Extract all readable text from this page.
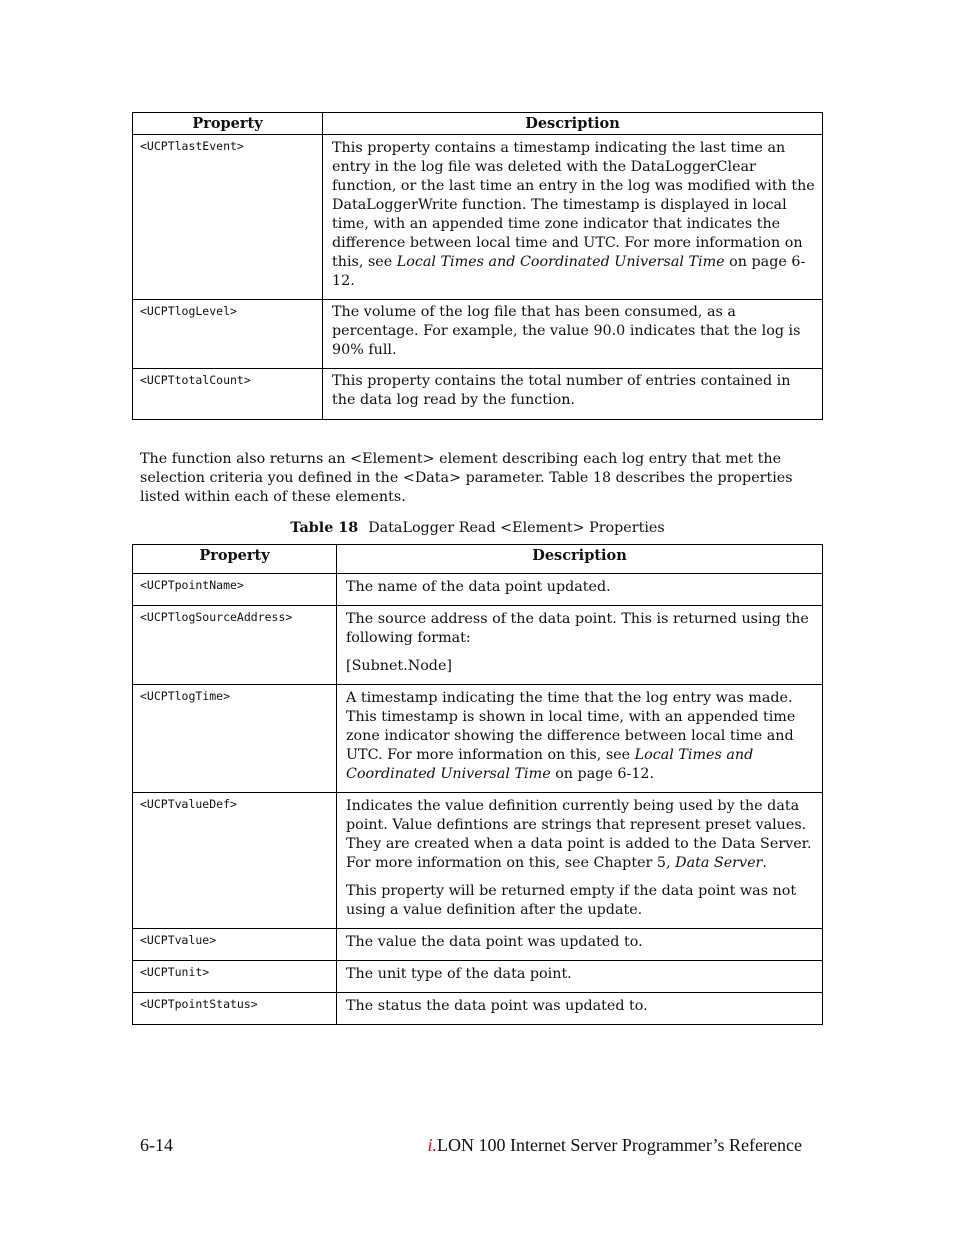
Property	Description
<UCPTlastEvent>	This property contains a timestamp indicating the last time an entry in the log file was deleted with the DataLoggerClear function, or the last time an entry in the log was modified with the DataLoggerWrite function. The timestamp is displayed in local time, with an appended time zone indicator that indicates the difference between local time and UTC. For more information on this, see Local Times and Coordinated Universal Time on page 6-12.
<UCPTlogLevel>	The volume of the log file that has been consumed, as a percentage. For example, the value 90.0 indicates that the log is 90% full.
<UCPTtotalCount>	This property contains the total number of entries contained in the data log read by the function.
The function also returns an <Element> element describing each log entry that met the selection criteria you defined in the <Data> parameter. Table 18 describes the properties listed within each of these elements.
Table 18 DataLogger Read <Element> Properties
Property	Description
<UCPTpointName>	The name of the data point updated.
<UCPTlogSourceAddress>	The source address of the data point. This is returned using the following format:

[Subnet.Node]

<UCPTlogTime>	A timestamp indicating the time that the log entry was made. This timestamp is shown in local time, with an appended time zone indicator showing the difference between local time and UTC. For more information on this, see Local Times and Coordinated Universal Time on page 6-12.
<UCPTvalueDef>	Indicates the value definition currently being used by the data point. Value defintions are strings that represent preset values. They are created when a data point is added to the Data Server. For more information on this, see Chapter 5, Data Server.

This property will be returned empty if the data point was not using a value definition after the update.

<UCPTvalue>	The value the data point was updated to.
<UCPTunit>	The unit type of the data point.
<UCPTpointStatus>	The status the data point was updated to.
6-14	i.LON 100 Internet Server Programmer’s Reference
